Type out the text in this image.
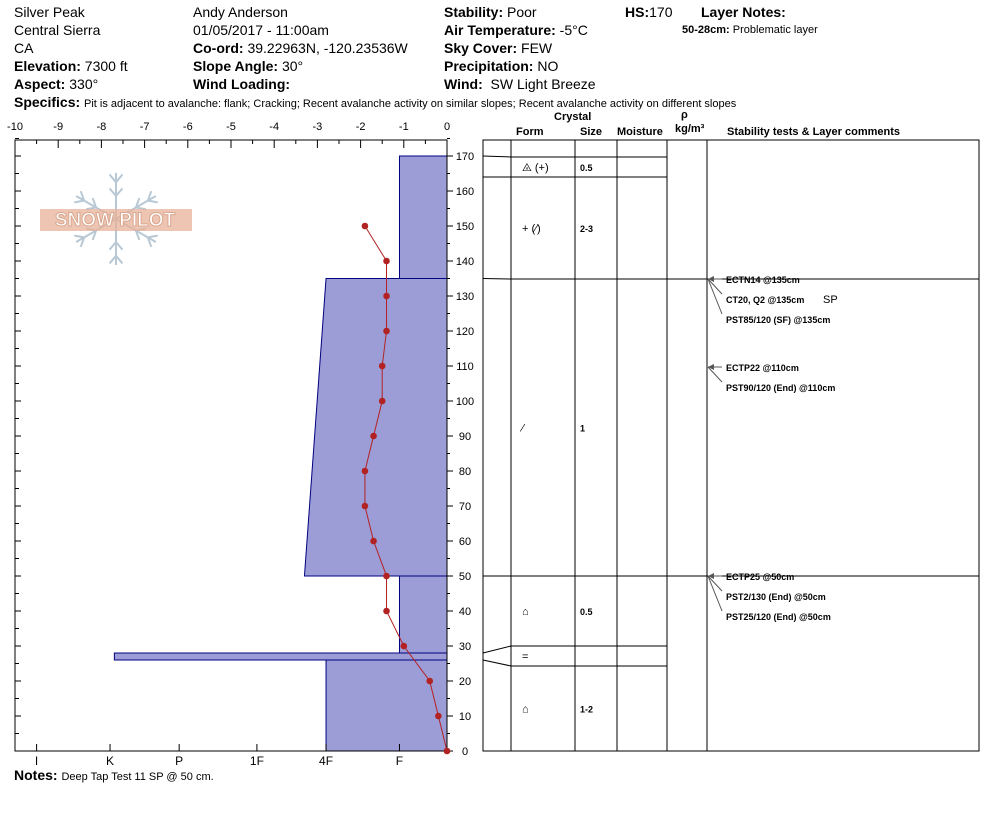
Silver Peak
Central Sierra
CA
Elevation: 7300 ft
Aspect: 330°
Andy Anderson
01/05/2017 - 11:00am
Co-ord: 39.22963N, -120.23536W
Slope Angle: 30°
Wind Loading:
Stability: Poor
Air Temperature: -5°C
Sky Cover: FEW
Precipitation: NO
Wind: SW Light Breeze
HS:170 Layer Notes:
50-28cm: Problematic layer
Specifics: Pit is adjacent to avalanche: flank; Cracking; Recent avalanche activity on similar slopes; Recent avalanche activity on different slopes
Crystal
Form	Size Moisture
ρ
kg/m³ Stability tests & Layer comments
Notes: Deep Tap Test 11 SP @ 50 cm.
-10	-9	-8	-7	-6	-5	-4	-3	-2	-1	0
0
10
20
30
40
50
60
70
80
90
100
110
120
130
140
150
160
170
I	K	P	1F	4F	F
⨻ (+)	0.5
+ (⁄)	2-3
⁄	1
⌂	0.5
=
⌂	1-2
ECTP25 @50cm
PST2/130 (End) @50cm
PST25/120 (End) @50cm
ECTP22 @110cm
PST90/120 (End) @110cm
ECTN14 @135cm
CT20, Q2 @135cm SP
PST85/120 (SF) @135cm
SNOW PILOT
